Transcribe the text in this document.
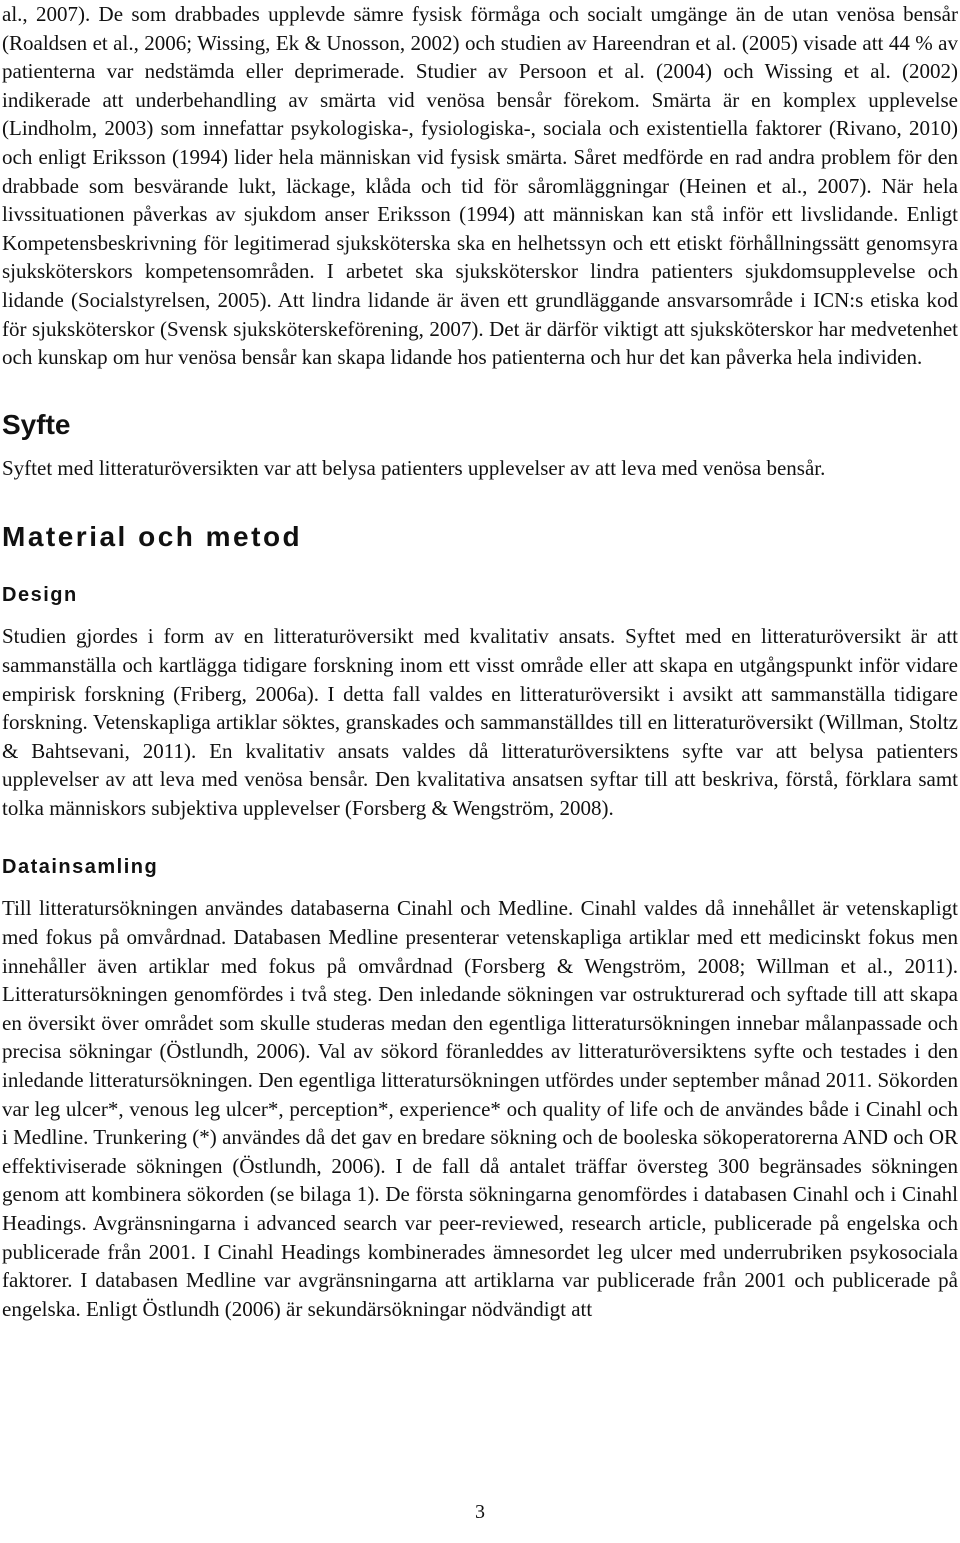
al., 2007). De som drabbades upplevde sämre fysisk förmåga och socialt umgänge än de utan venösa bensår (Roaldsen et al., 2006; Wissing, Ek & Unosson, 2002) och studien av Hareendran et al. (2005) visade att 44 % av patienterna var nedstämda eller deprimerade. Studier av Persoon et al. (2004) och Wissing et al. (2002) indikerade att underbehandling av smärta vid venösa bensår förekom. Smärta är en komplex upplevelse (Lindholm, 2003) som innefattar psykologiska-, fysiologiska-, sociala och existentiella faktorer (Rivano, 2010) och enligt Eriksson (1994) lider hela människan vid fysisk smärta. Såret medförde en rad andra problem för den drabbade som besvärande lukt, läckage, klåda och tid för såromläggningar (Heinen et al., 2007). När hela livssituationen påverkas av sjukdom anser Eriksson (1994) att människan kan stå inför ett livslidande. Enligt Kompetensbeskrivning för legitimerad sjuksköterska ska en helhetssyn och ett etiskt förhållningssätt genomsyra sjuksköterskors kompetensområden. I arbetet ska sjuksköterskor lindra patienters sjukdomsupplevelse och lidande (Socialstyrelsen, 2005). Att lindra lidande är även ett grundläggande ansvarsområde i ICN:s etiska kod för sjuksköterskor (Svensk sjuksköterskeförening, 2007). Det är därför viktigt att sjuksköterskor har medvetenhet och kunskap om hur venösa bensår kan skapa lidande hos patienterna och hur det kan påverka hela individen.

Syfte

Syftet med litteraturöversikten var att belysa patienters upplevelser av att leva med venösa bensår.

Material och metod
Design

Studien gjordes i form av en litteraturöversikt med kvalitativ ansats. Syftet med en litteraturöversikt är att sammanställa och kartlägga tidigare forskning inom ett visst område eller att skapa en utgångspunkt inför vidare empirisk forskning (Friberg, 2006a). I detta fall valdes en litteraturöversikt i avsikt att sammanställa tidigare forskning. Vetenskapliga artiklar söktes, granskades och sammanställdes till en litteraturöversikt (Willman, Stoltz & Bahtsevani, 2011). En kvalitativ ansats valdes då litteraturöversiktens syfte var att belysa patienters upplevelser av att leva med venösa bensår. Den kvalitativa ansatsen syftar till att beskriva, förstå, förklara samt tolka människors subjektiva upplevelser (Forsberg & Wengström, 2008).

Datainsamling

Till litteratursökningen användes databaserna Cinahl och Medline. Cinahl valdes då innehållet är vetenskapligt med fokus på omvårdnad. Databasen Medline presenterar vetenskapliga artiklar med ett medicinskt fokus men innehåller även artiklar med fokus på omvårdnad (Forsberg & Wengström, 2008; Willman et al., 2011). Litteratursökningen genomfördes i två steg. Den inledande sökningen var ostrukturerad och syftade till att skapa en översikt över området som skulle studeras medan den egentliga litteratursökningen innebar målanpassade och precisa sökningar (Östlundh, 2006). Val av sökord föranleddes av litteraturöversiktens syfte och testades i den inledande litteratursökningen. Den egentliga litteratursökningen utfördes under september månad 2011. Sökorden var leg ulcer*, venous leg ulcer*, perception*, experience* och quality of life och de användes både i Cinahl och i Medline. Trunkering (*) användes då det gav en bredare sökning och de booleska sökoperatorerna AND och OR effektiviserade sökningen (Östlundh, 2006). I de fall då antalet träffar översteg 300 begränsades sökningen genom att kombinera sökorden (se bilaga 1). De första sökningarna genomfördes i databasen Cinahl och i Cinahl Headings. Avgränsningarna i advanced search var peer-reviewed, research article, publicerade på engelska och publicerade från 2001. I Cinahl Headings kombinerades ämnesordet leg ulcer med underrubriken psykosociala faktorer. I databasen Medline var avgränsningarna att artiklarna var publicerade från 2001 och publicerade på engelska. Enligt Östlundh (2006) är sekundärsökningar nödvändigt att

3
